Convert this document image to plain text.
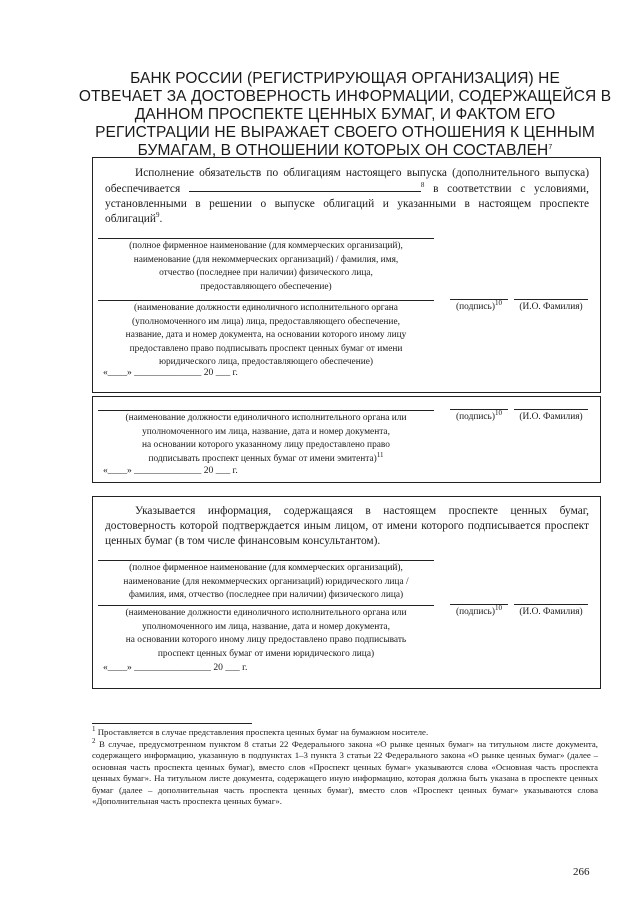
БАНК РОССИИ (РЕГИСТРИРУЮЩАЯ ОРГАНИЗАЦИЯ) НЕ
ОТВЕЧАЕТ ЗА ДОСТОВЕРНОСТЬ ИНФОРМАЦИИ, СОДЕРЖАЩЕЙСЯ В
ДАННОМ ПРОСПЕКТЕ ЦЕННЫХ БУМАГ, И ФАКТОМ ЕГО
РЕГИСТРАЦИИ НЕ ВЫРАЖАЕТ СВОЕГО ОТНОШЕНИЯ К ЦЕННЫМ
БУМАГАМ, В ОТНОШЕНИИ КОТОРЫХ ОН СОСТАВЛЕН$^7$
Исполнение обязательств по облигациям настоящего выпуска (дополнительного выпуска) обеспечивается	$^8$ в соответствии с условиями, установленными в решении о выпуске облигаций и указанными в настоящем проспекте облигаций$^9$.
(полное фирменное наименование (для коммерческих организаций),
наименование (для некоммерческих организаций) / фамилия, имя,
отчество (последнее при наличии) физического лица,
предоставляющего обеспечение)
(наименование должности единоличного исполнительного органа
(уполномоченного им лица) лица, предоставляющего обеспечение,
название, дата и номер документа, на основании которого иному лицу
предоставлено право подписывать проспект ценных бумаг от имени
юридического лица, предоставляющего обеспечение)
(подпись)$^{10}$	(И.О. Фамилия)
«____» ______________ 20 ___ г.
(наименование должности единоличного исполнительного органа или
уполномоченного им лица, название, дата и номер документа,
на основании которого указанному лицу предоставлено право
подписывать проспект ценных бумаг от имени эмитента)$^{11}$
(подпись)$^{10}$	(И.О. Фамилия)
«____» ______________ 20 ___ г.
Указывается информация, содержащаяся в настоящем проспекте ценных бумаг, достоверность которой подтверждается иным лицом, от имени которого подписывается проспект ценных бумаг (в том числе финансовым консультантом).
(полное фирменное наименование (для коммерческих организаций),
наименование (для некоммерческих организаций) юридического лица /
фамилия, имя, отчество (последнее при наличии) физического лица)
(наименование должности единоличного исполнительного органа или
уполномоченного им лица, название, дата и номер документа,
на основании которого иному лицу предоставлено право подписывать
проспект ценных бумаг от имени юридического лица)
(подпись)$^{10}$	(И.О. Фамилия)
«____» ________________ 20 ___ г.

$^1$ Проставляется в случае представления проспекта ценных бумаг на бумажном носителе.

$^2$ В случае, предусмотренном пунктом 8 статьи 22 Федерального закона «О рынке ценных бумаг» на титульном листе документа, содержащего информацию, указанную в подпунктах 1–3 пункта 3 статьи 22 Федерального закона «О рынке ценных бумаг» (далее – основная часть проспекта ценных бумаг), вместо слов «Проспект ценных бумаг» указываются слова «Основная часть проспекта ценных бумаг». На титульном листе документа, содержащего иную информацию, которая должна быть указана в проспекте ценных бумаг (далее – дополнительная часть проспекта ценных бумаг), вместо слов «Проспект ценных бумаг» указываются слова «Дополнительная часть проспекта ценных бумаг».

266
